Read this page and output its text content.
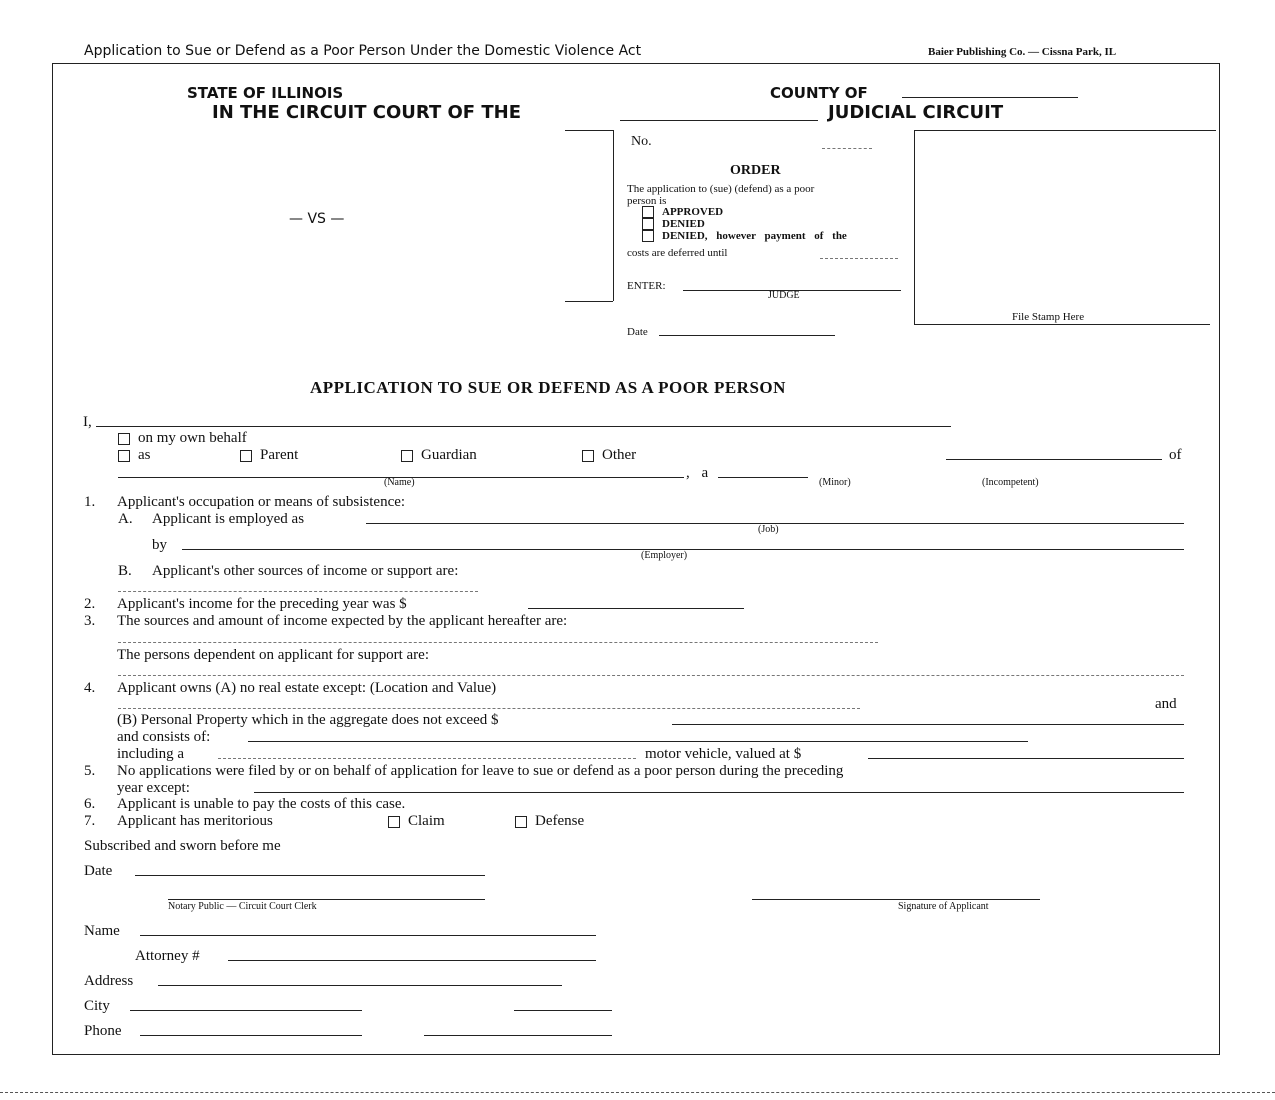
Application to Sue or Defend as a Poor Person Under the Domestic Violence Act	Baier Publishing Co. — Cissna Park, IL
STATE OF ILLINOIS	COUNTY OF
IN THE CIRCUIT COURT OF THE	JUDICIAL CIRCUIT
— VS —
No.
ORDER
The application to (sue) (defend) as a poor
person is
APPROVED
DENIED
DENIED, however payment of the
costs are deferred until
ENTER:
JUDGE
Date
File Stamp Here
APPLICATION TO SUE OR DEFEND AS A POOR PERSON
I,
on my own behalf
as	Parent	Guardian	Other	of
, a
(Name)	(Minor)	(Incompetent)
1. Applicant's occupation or means of subsistence:
A. Applicant is employed as
(Job)
by
(Employer)
B. Applicant's other sources of income or support are:
2. Applicant's income for the preceding year was $
3. The sources and amount of income expected by the applicant hereafter are:
The persons dependent on applicant for support are:
4. Applicant owns (A) no real estate except: (Location and Value)
and
(B) Personal Property which in the aggregate does not exceed $
and consists of:
including a	motor vehicle, valued at $
5. No applications were filed by or on behalf of application for leave to sue or defend as a poor person during the preceding
year except:
6. Applicant is unable to pay the costs of this case.
7. Applicant has meritorious	Claim	Defense
Subscribed and sworn before me
Date
Notary Public — Circuit Court Clerk	Signature of Applicant
Name
Attorney #
Address
City
Phone
